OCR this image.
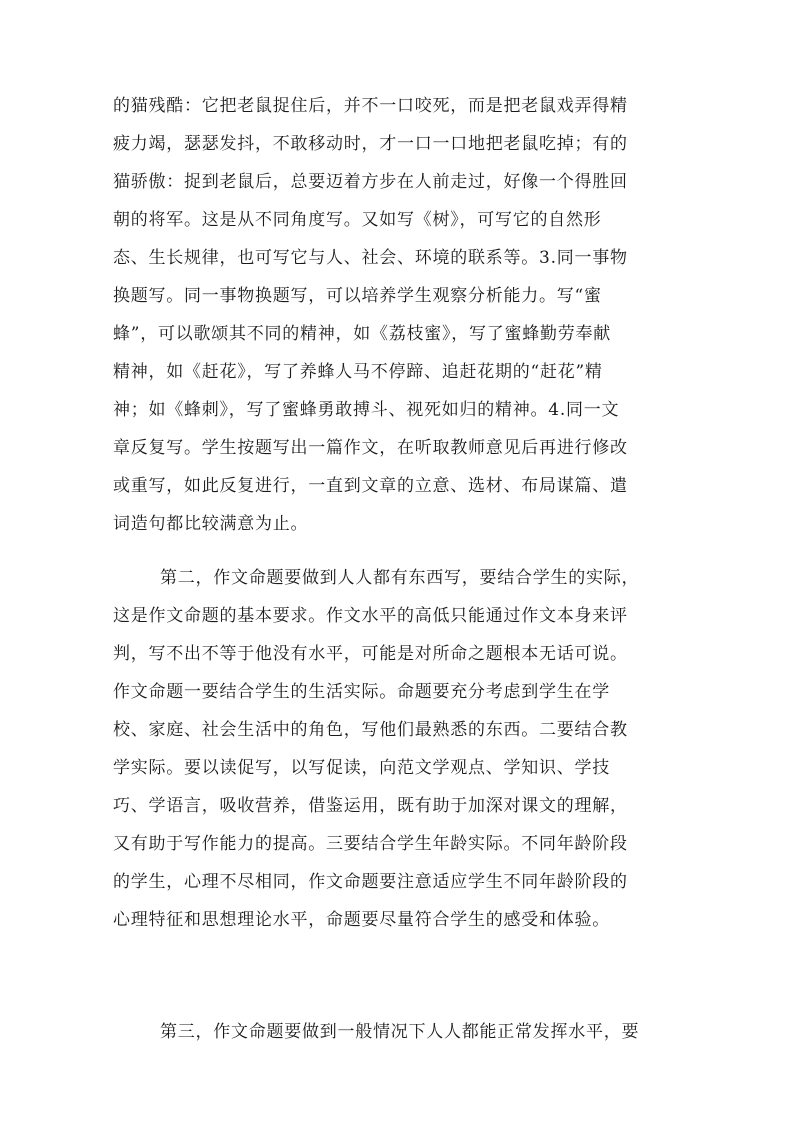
的猫残酷：它把老鼠捉住后，并不一口咬死，而是把老鼠戏弄得精
疲力竭，瑟瑟发抖，不敢移动时，才一口一口地把老鼠吃掉；有的
猫骄傲：捉到老鼠后，总要迈着方步在人前走过，好像一个得胜回
朝的将军。这是从不同角度写。又如写《树》，可写它的自然形
态、生长规律，也可写它与人、社会、环境的联系等。3.同一事物
换题写。同一事物换题写，可以培养学生观察分析能力。写“蜜
蜂”，可以歌颂其不同的精神，如《荔枝蜜》，写了蜜蜂勤劳奉献
精神，如《赶花》，写了养蜂人马不停蹄、追赶花期的“赶花”精
神；如《蜂刺》，写了蜜蜂勇敢搏斗、视死如归的精神。4.同一文
章反复写。学生按题写出一篇作文，在听取教师意见后再进行修改
或重写，如此反复进行，一直到文章的立意、选材、布局谋篇、遣
词造句都比较满意为止。
第二，作文命题要做到人人都有东西写，要结合学生的实际，
这是作文命题的基本要求。作文水平的高低只能通过作文本身来评
判，写不出不等于他没有水平，可能是对所命之题根本无话可说。
作文命题一要结合学生的生活实际。命题要充分考虑到学生在学
校、家庭、社会生活中的角色，写他们最熟悉的东西。二要结合教
学实际。要以读促写，以写促读，向范文学观点、学知识、学技
巧、学语言，吸收营养，借鉴运用，既有助于加深对课文的理解，
又有助于写作能力的提高。三要结合学生年龄实际。不同年龄阶段
的学生，心理不尽相同，作文命题要注意适应学生不同年龄阶段的
心理特征和思想理论水平，命题要尽量符合学生的感受和体验。
第三，作文命题要做到一般情况下人人都能正常发挥水平，要
